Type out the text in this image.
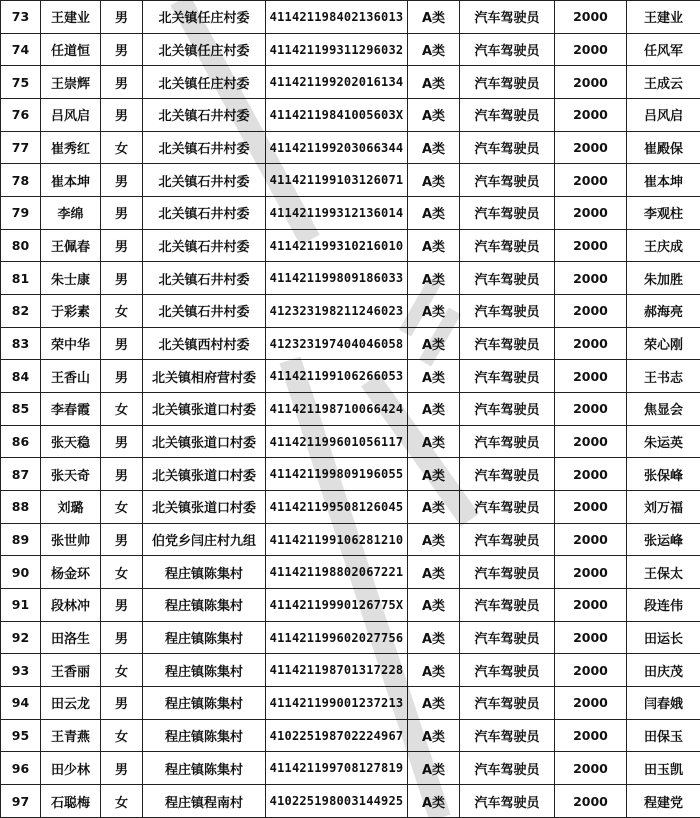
73	王建业	男	北关镇任庄村委	411421198402136013	A类	汽车驾驶员	2000	王建业
74	任道恒	男	北关镇任庄村委	411421199311296032	A类	汽车驾驶员	2000	任风军
75	王崇辉	男	北关镇任庄村委	411421199202016134	A类	汽车驾驶员	2000	王成云
76	吕风启	男	北关镇石井村委	41142119841005603X	A类	汽车驾驶员	2000	吕风启
77	崔秀红	女	北关镇石井村委	411421199203066344	A类	汽车驾驶员	2000	崔殿保
78	崔本坤	男	北关镇石井村委	411421199103126071	A类	汽车驾驶员	2000	崔本坤
79	李绵	男	北关镇石井村委	411421199312136014	A类	汽车驾驶员	2000	李观柱
80	王佩春	男	北关镇石井村委	411421199310216010	A类	汽车驾驶员	2000	王庆成
81	朱士康	男	北关镇石井村委	411421199809186033	A类	汽车驾驶员	2000	朱加胜
82	于彩素	女	北关镇石井村委	412323198211246023	A类	汽车驾驶员	2000	郝海亮
83	荣中华	男	北关镇西村村委	412323197404046058	A类	汽车驾驶员	2000	荣心刚
84	王香山	男	北关镇相府营村委	411421199106266053	A类	汽车驾驶员	2000	王书志
85	李春霞	女	北关镇张道口村委	411421198710066424	A类	汽车驾驶员	2000	焦显会
86	张天稳	男	北关镇张道口村委	411421199601056117	A类	汽车驾驶员	2000	朱运英
87	张天奇	男	北关镇张道口村委	411421199809196055	A类	汽车驾驶员	2000	张保峰
88	刘璐	女	北关镇张道口村委	411421199508126045	A类	汽车驾驶员	2000	刘万福
89	张世帅	男	伯党乡闫庄村九组	411421199106281210	A类	汽车驾驶员	2000	张运峰
90	杨金环	女	程庄镇陈集村	411421198802067221	A类	汽车驾驶员	2000	王保太
91	段林冲	男	程庄镇陈集村	41142119990126775X	A类	汽车驾驶员	2000	段连伟
92	田洛生	男	程庄镇陈集村	411421199602027756	A类	汽车驾驶员	2000	田运长
93	王香丽	女	程庄镇陈集村	411421198701317228	A类	汽车驾驶员	2000	田庆茂
94	田云龙	男	程庄镇陈集村	411421199001237213	A类	汽车驾驶员	2000	闫春娥
95	王青燕	女	程庄镇陈集村	410225198702224967	A类	汽车驾驶员	2000	田保玉
96	田少林	男	程庄镇陈集村	411421199708127819	A类	汽车驾驶员	2000	田玉凯
97	石聪梅	女	程庄镇程南村	410225198003144925	A类	汽车驾驶员	2000	程建党
